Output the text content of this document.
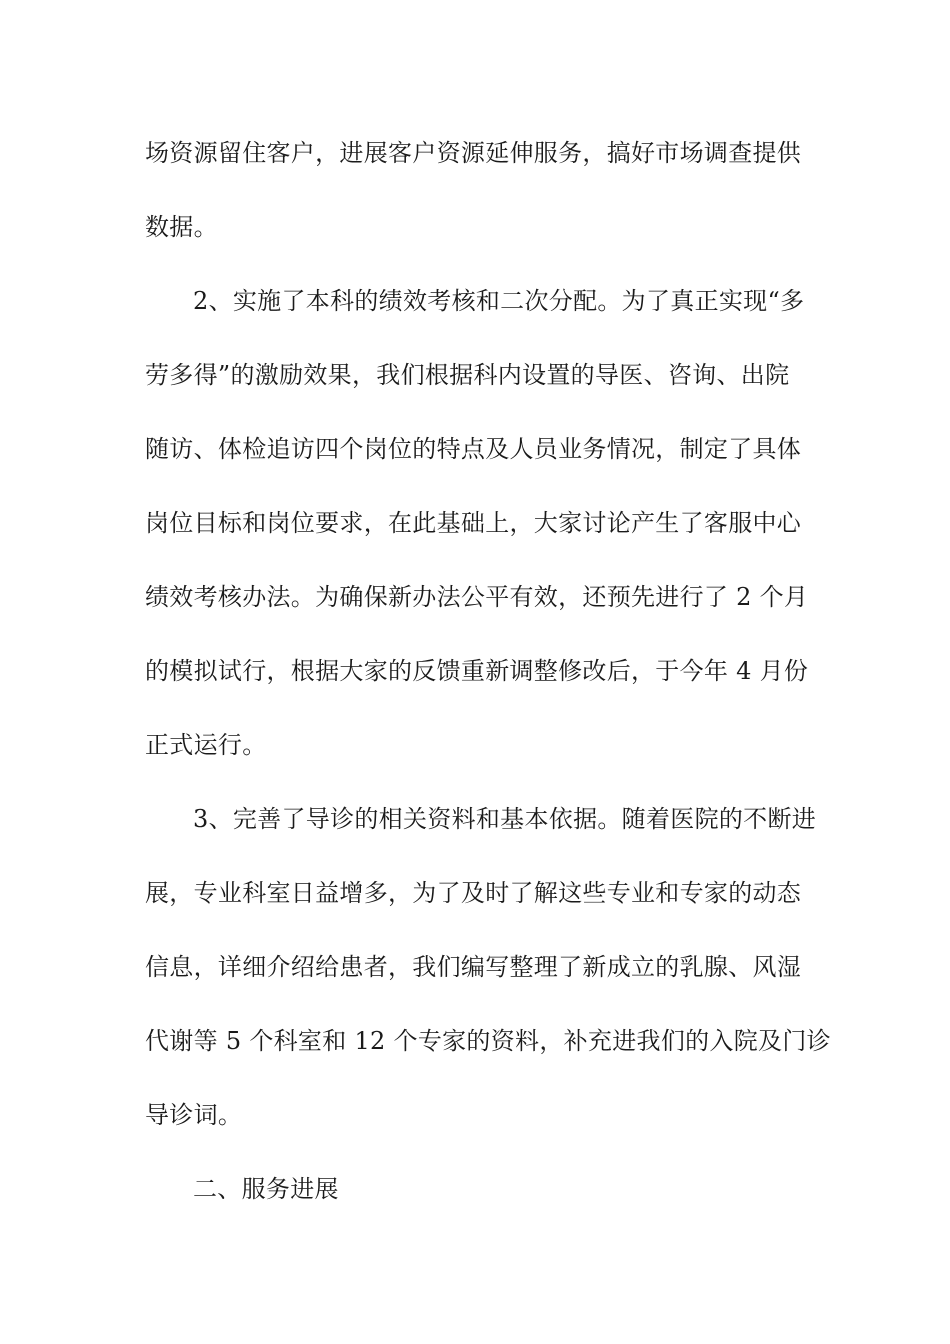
场资源留住客户，进展客户资源延伸服务，搞好市场调查提供
数据。
2、实施了本科的绩效考核和二次分配。为了真正实现“多
劳多得”的激励效果，我们根据科内设置的导医、咨询、出院
随访、体检追访四个岗位的特点及人员业务情况，制定了具体
岗位目标和岗位要求，在此基础上，大家讨论产生了客服中心
绩效考核办法。为确保新办法公平有效，还预先进行了 2 个月
的模拟试行，根据大家的反馈重新调整修改后，于今年 4 月份
正式运行。
3、完善了导诊的相关资料和基本依据。随着医院的不断进
展，专业科室日益增多，为了及时了解这些专业和专家的动态
信息，详细介绍给患者，我们编写整理了新成立的乳腺、风湿
代谢等 5 个科室和 12 个专家的资料，补充进我们的入院及门诊
导诊词。
二、服务进展
